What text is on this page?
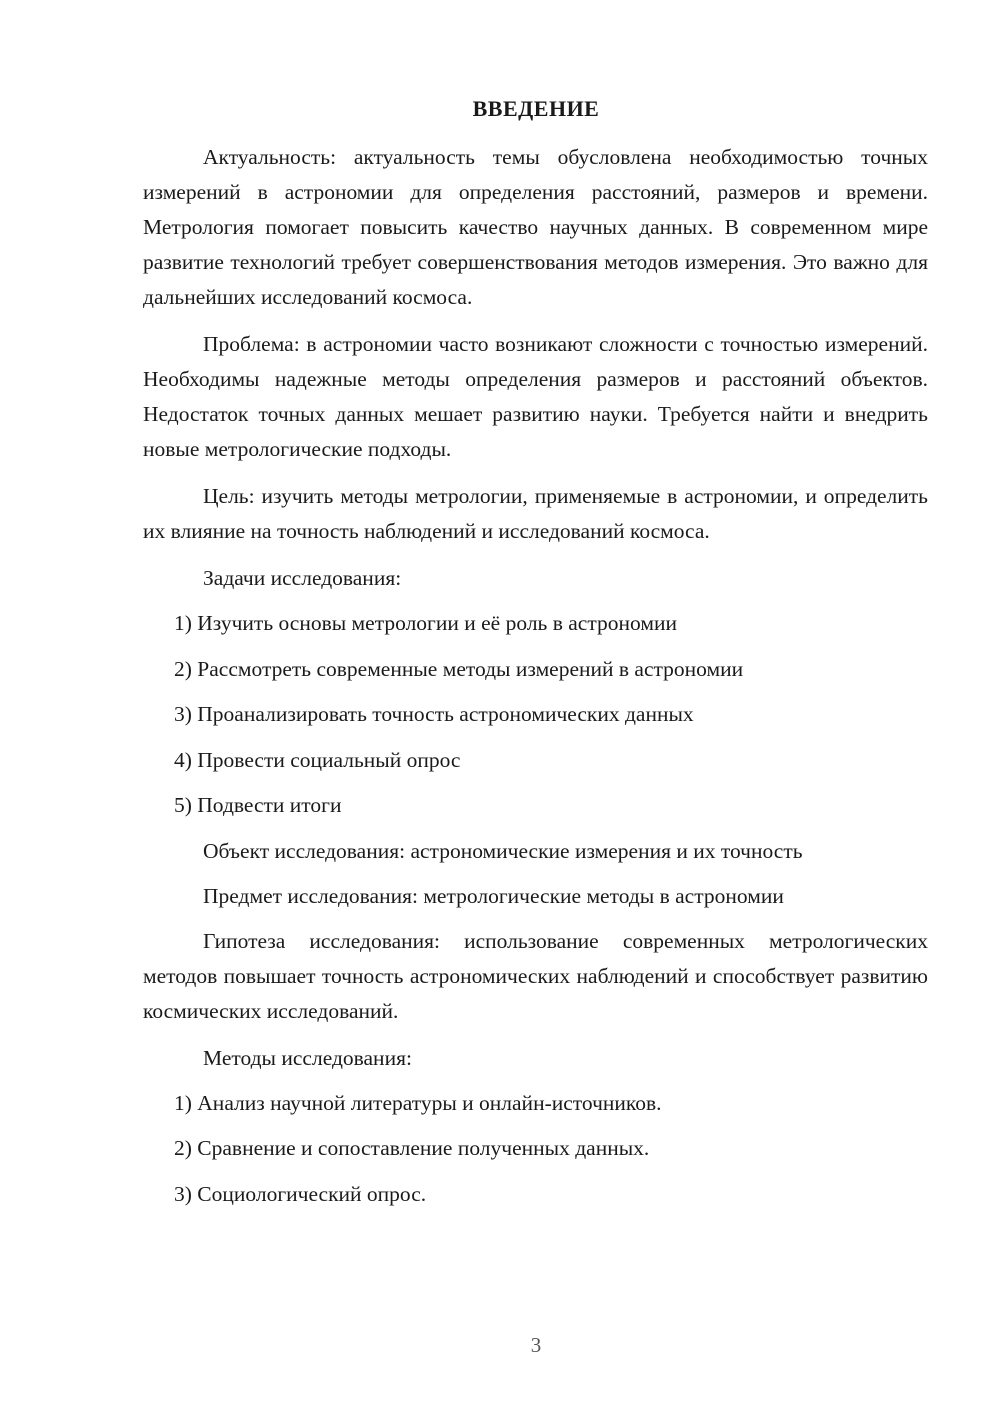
ВВЕДЕНИЕ

Актуальность: актуальность темы обусловлена необходимостью точных измерений в астрономии для определения расстояний, размеров и времени. Метрология помогает повысить качество научных данных. В современном мире развитие технологий требует совершенствования методов измерения. Это важно для дальнейших исследований космоса.

Проблема: в астрономии часто возникают сложности с точностью измерений. Необходимы надежные методы определения размеров и расстояний объектов. Недостаток точных данных мешает развитию науки. Требуется найти и внедрить новые метрологические подходы.

Цель: изучить методы метрологии, применяемые в астрономии, и определить их влияние на точность наблюдений и исследований космоса.

Задачи исследования:

1) Изучить основы метрологии и её роль в астрономии
2) Рассмотреть современные методы измерений в астрономии
3) Проанализировать точность астрономических данных
4) Провести социальный опрос
5) Подвести итоги

Объект исследования: астрономические измерения и их точность

Предмет исследования: метрологические методы в астрономии

Гипотеза исследования: использование современных метрологических методов повышает точность астрономических наблюдений и способствует развитию космических исследований.

Методы исследования:

1) Анализ научной литературы и онлайн-источников.
2) Сравнение и сопоставление полученных данных.
3) Социологический опрос.
3
